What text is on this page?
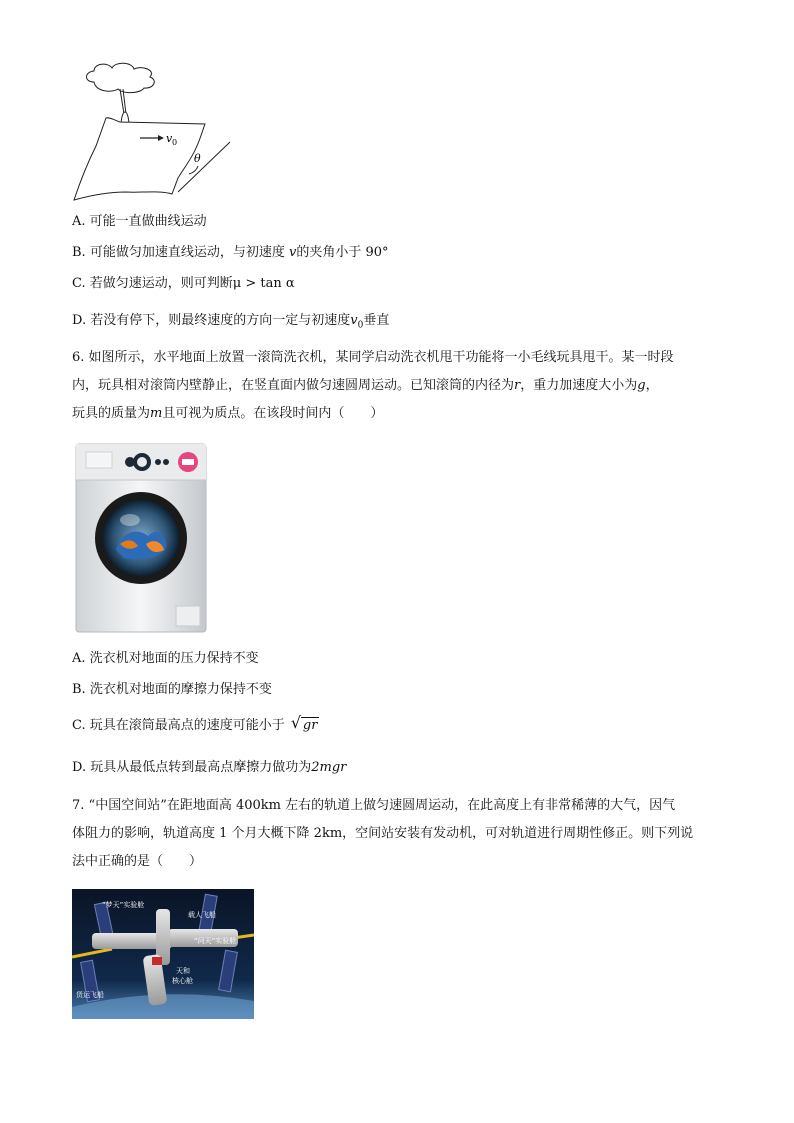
v 0
θ
A. 可能一直做曲线运动
B. 可能做匀加速直线运动，与初速度 v的夹角小于 90°
C. 若做匀速运动，则可判断μ > tan α
D. 若没有停下，则最终速度的方向一定与初速度$v_0$垂直
6. 如图所示，水平地面上放置一滚筒洗衣机，某同学启动洗衣机甩干功能将一小毛线玩具甩干。某一时段
内，玩具相对滚筒内壁静止，在竖直面内做匀速圆周运动。已知滚筒的内径为r，重力加速度大小为g，
玩具的质量为m且可视为质点。在该段时间内（　　）
A. 洗衣机对地面的压力保持不变
B. 洗衣机对地面的摩擦力保持不变
C. 玩具在滚筒最高点的速度可能小于 √ gr
D. 玩具从最低点转到最高点摩擦力做功为2mgr
7. “中国空间站”在距地面高 400km 左右的轨道上做匀速圆周运动，在此高度上有非常稀薄的大气，因气
体阻力的影响，轨道高度 1 个月大概下降 2km，空间站安装有发动机，可对轨道进行周期性修正。则下列说
法中正确的是（　　）
“梦天”实验舱
载人飞船
“问天”实验舱
天和
核心舱
货运飞船
